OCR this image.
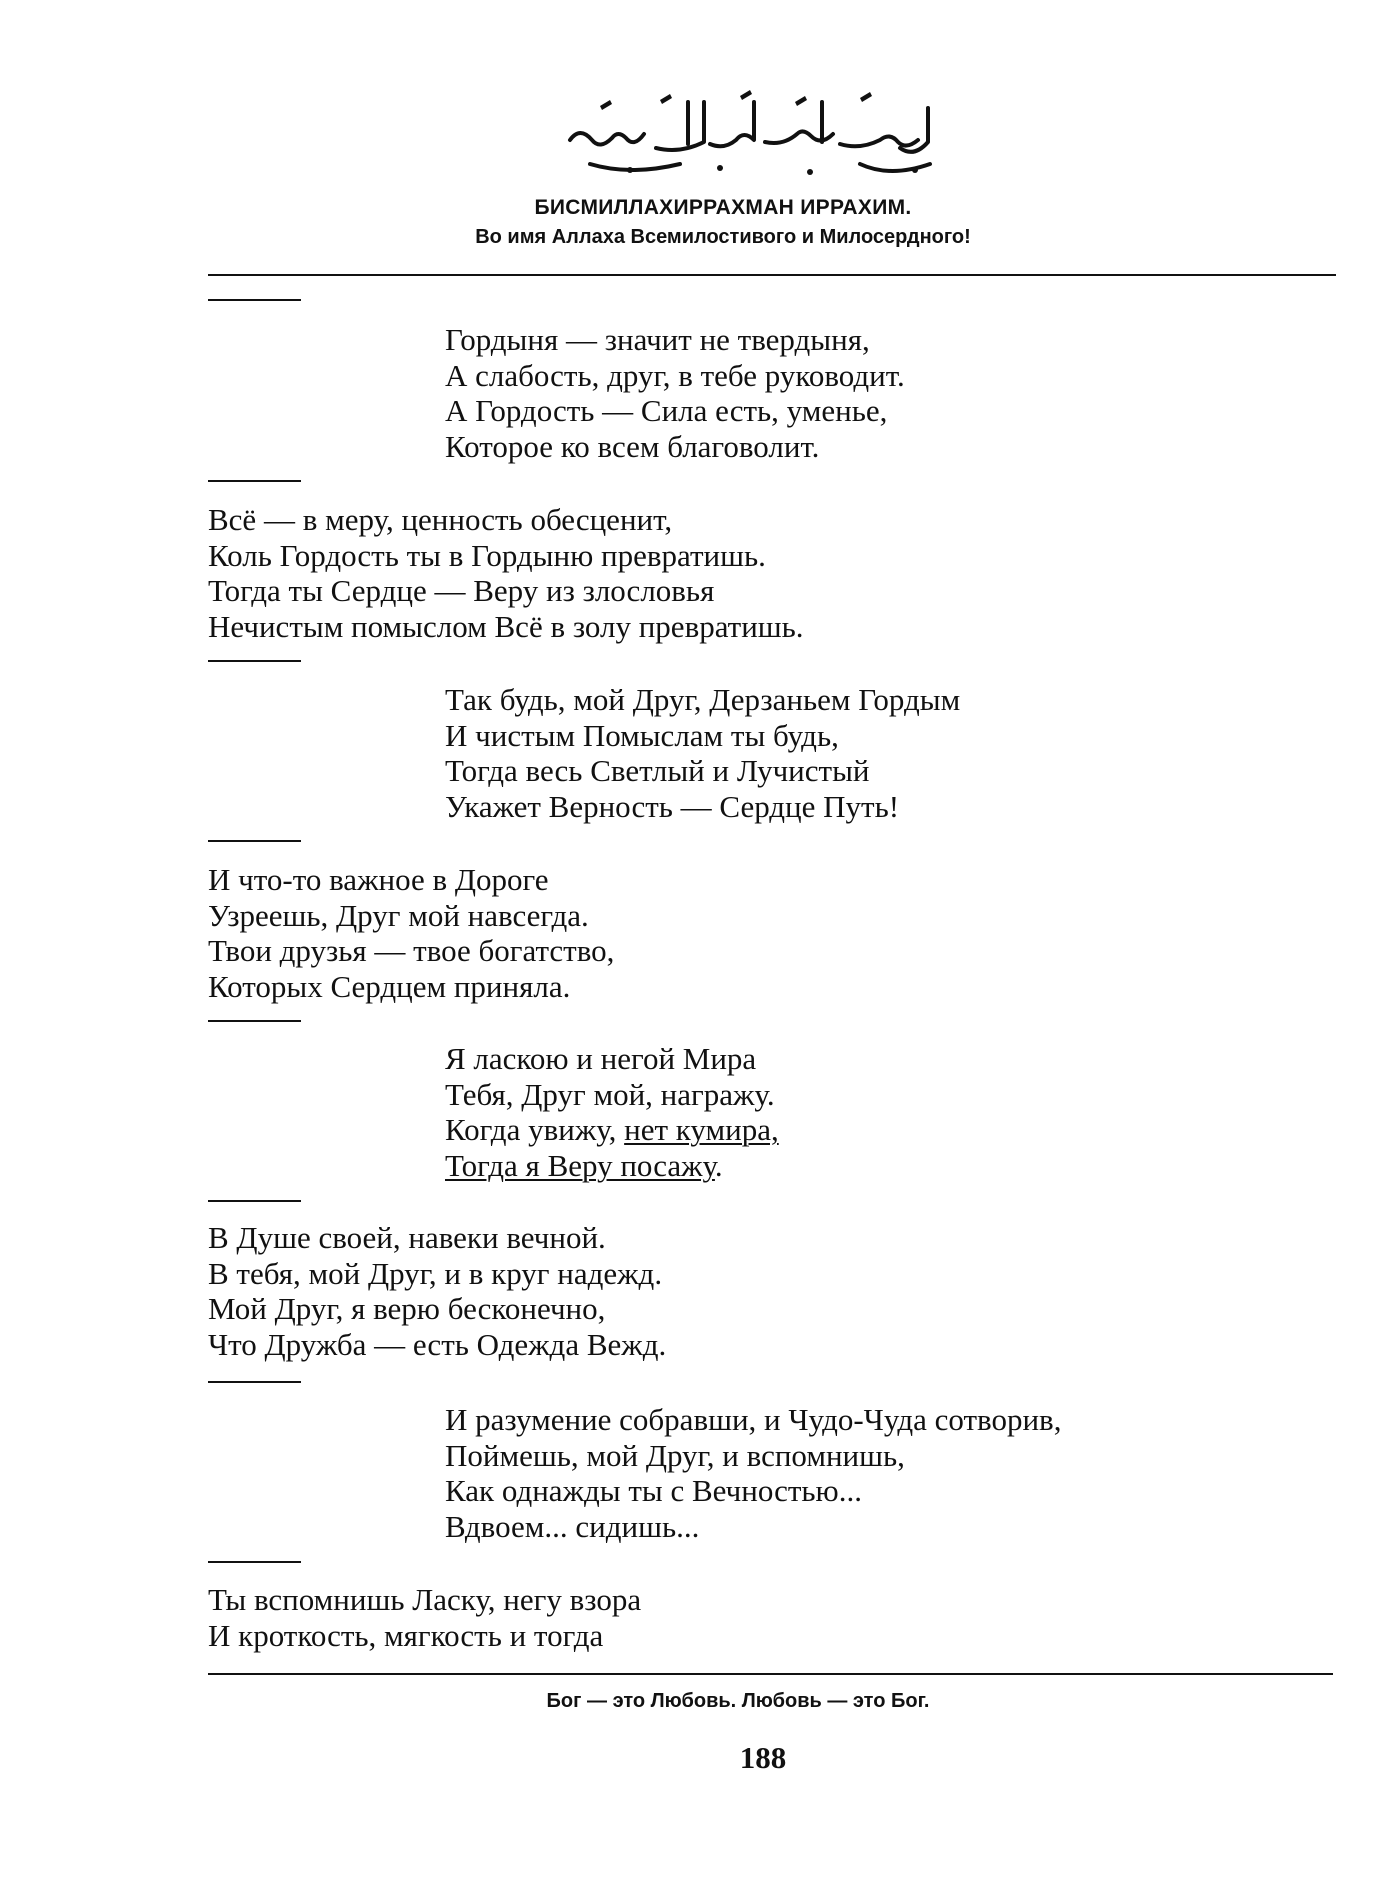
БИСМИЛЛАХИРРАХМАН ИРРАХИМ.
Во имя Аллаха Всемилостивого и Милосердного!
Гордыня — значит не твердыня,
А слабость, друг, в тебе руководит.
А Гордость — Сила есть, уменье,
Которое ко всем благоволит.
Всё — в меру, ценность обесценит,
Коль Гордость ты в Гордыню превратишь.
Тогда ты Сердце — Веру из злословья
Нечистым помыслом Всё в золу превратишь.
Так будь, мой Друг, Дерзаньем Гордым
И чистым Помыслам ты будь,
Тогда весь Светлый и Лучистый
Укажет Верность — Сердце Путь!
И что-то важное в Дороге
Узреешь, Друг мой навсегда.
Твои друзья — твое богатство,
Которых Сердцем приняла.
Я ласкою и негой Мира
Тебя, Друг мой, награжу.
Когда увижу, нет кумира,
Тогда я Веру посажу.
В Душе своей, навеки вечной.
В тебя, мой Друг, и в круг надежд.
Мой Друг, я верю бесконечно,
Что Дружба — есть Одежда Вежд.
И разумение собравши, и Чудо-Чуда сотворив,
Поймешь, мой Друг, и вспомнишь,
Как однажды ты с Вечностью...
Вдвоем... сидишь...
Ты вспомнишь Ласку, негу взора
И кроткость, мягкость и тогда
Бог — это Любовь. Любовь — это Бог.
188
